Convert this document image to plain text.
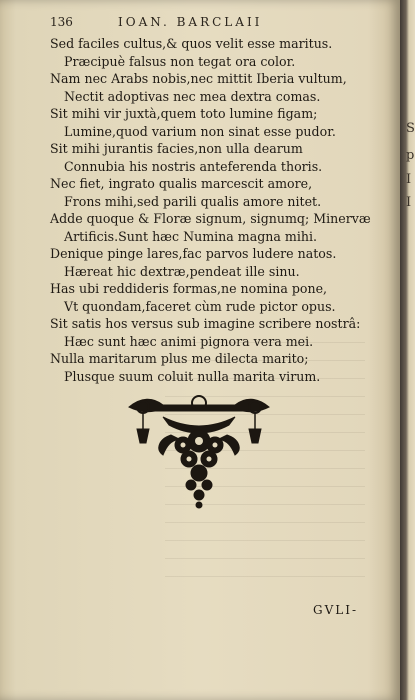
136	IOAN. BARCLAII
Sed faciles cultus,& quos velit esse maritus.
Præcipuè falsus non tegat ora color.
Nam nec Arabs nobis,nec mittit Iberia vultum,
Nectit adoptivas nec mea dextra comas.
Sit mihi vir juxtà,quem toto lumine figam;
Lumine,quod varium non sinat esse pudor.
Sit mihi jurantis facies,non ulla dearum
Connubia his nostris anteferenda thoris.
Nec fiet, ingrato qualis marcescit amore,
Frons mihi,sed parili qualis amore nitet.
Adde quoque & Floræ signum, signumq; Minervæ
Artificis.Sunt hæc Numina magna mihi.
Denique pinge lares,fac parvos ludere natos.
Hæreat hic dextræ,pendeat ille sinu.
Has ubi reddideris formas,ne nomina pone,
Vt quondam,faceret cùm rude pictor opus.
Sit satis hos versus sub imagine scribere nostrâ:
Hæc sunt hæc animi pignora vera mei.
Nulla maritarum plus me dilecta marito;
Plusque suum coluit nulla marita virum.
GVLI-
S
p
I
I
